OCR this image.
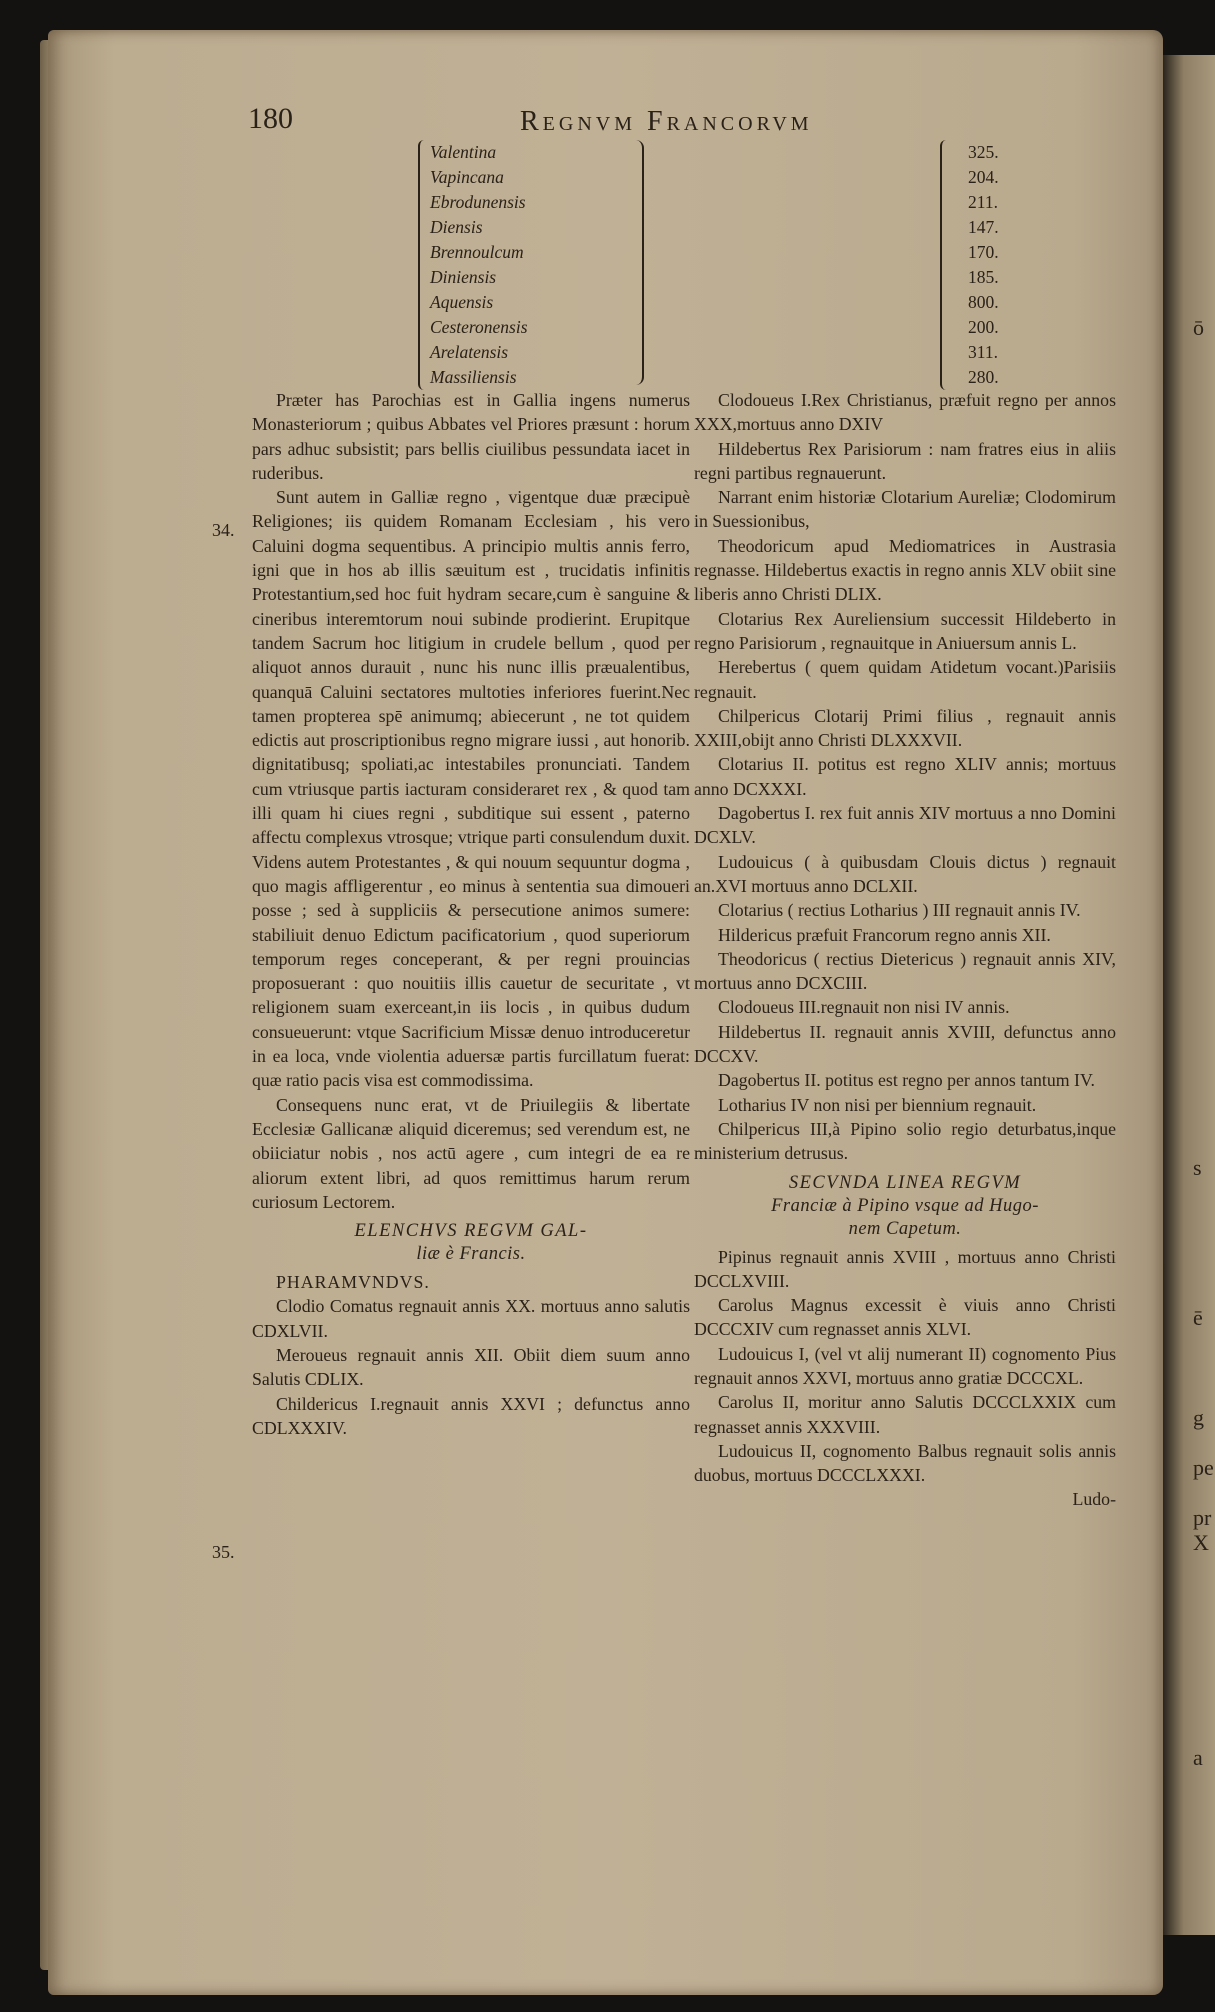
ō
s
ē
g
pe
pr
X
a
180	Regnvm Francorvm
Valentina
Vapincana
Ebrodunensis
Diensis
Brennoulcum
Diniensis
Aquensis
Cesteronensis
Arelatensis
Massiliensis
325.
204.
211.
147.
170.
185.
800.
200.
311.
280.
34.
35.

Præter has Parochias est in Gallia ingens numerus Monasteriorum ; quibus Abbates vel Priores præsunt : horum pars adhuc subsistit; pars bellis ciuilibus pessundata iacet in ruderibus.

Sunt autem in Galliæ regno , vigentque duæ præcipuè Religiones; iis quidem Romanam Ecclesiam , his vero Caluini dogma sequentibus. A principio multis annis ferro, igni que in hos ab illis sæuitum est , trucidatis infinitis Protestantium,sed hoc fuit hydram secare,cum è sanguine & cineribus interemtorum noui subinde prodierint. Erupitque tandem Sacrum hoc litigium in crudele bellum , quod per aliquot annos durauit , nunc his nunc illis præualentibus, quanquā Caluini sectatores multoties inferiores fuerint.Nec tamen propterea spē animumq; abiecerunt , ne tot quidem edictis aut proscriptionibus regno migrare iussi , aut honorib. dignitatibusq; spoliati,ac intestabiles pronunciati. Tandem cum vtriusque partis iacturam consideraret rex , & quod tam illi quam hi ciues regni , subditique sui essent , paterno affectu complexus vtrosque; vtrique parti consulendum duxit. Videns autem Protestantes , & qui nouum sequuntur dogma , quo magis affligerentur , eo minus à sententia sua dimoueri posse ; sed à suppliciis & persecutione animos sumere: stabiliuit denuo Edictum pacificatorium , quod superiorum temporum reges conceperant, & per regni prouincias proposuerant : quo nouitiis illis cauetur de securitate , vt religionem suam exerceant,in iis locis , in quibus dudum consueuerunt: vtque Sacrificium Missæ denuo introduceretur in ea loca, vnde violentia aduersæ partis furcillatum fuerat: quæ ratio pacis visa est commodissima.

Consequens nunc erat, vt de Priuilegiis & libertate Ecclesiæ Gallicanæ aliquid diceremus; sed verendum est, ne obiiciatur nobis , nos actū agere , cum integri de ea re aliorum extent libri, ad quos remittimus harum rerum curiosum Lectorem.

ELENCHVS REGVM GAL-
liæ è Francis.

PHARAMVNDVS.

Clodio Comatus regnauit annis XX. mortuus anno salutis CDXLVII.

Meroueus regnauit annis XII. Obiit diem suum anno Salutis CDLIX.

Childericus I.regnauit annis XXVI ; defunctus anno CDLXXXIV.

Clodoueus I.Rex Christianus, præfuit regno per annos XXX,mortuus anno DXIV

Hildebertus Rex Parisiorum : nam fratres eius in aliis regni partibus regnauerunt.

Narrant enim historiæ Clotarium Aureliæ; Clodomirum in Suessionibus,

Theodoricum apud Mediomatrices in Austrasia regnasse. Hildebertus exactis in regno annis XLV obiit sine liberis anno Christi DLIX.

Clotarius Rex Aureliensium successit Hildeberto in regno Parisiorum , regnauitque in Aniuersum annis L.

Herebertus ( quem quidam Atidetum vocant.)Parisiis regnauit.

Chilpericus Clotarij Primi filius , regnauit annis XXIII,obijt anno Christi DLXXXVII.

Clotarius II. potitus est regno XLIV annis; mortuus anno DCXXXI.

Dagobertus I. rex fuit annis XIV mortuus a nno Domini DCXLV.

Ludouicus ( à quibusdam Clouis dictus ) regnauit an.XVI mortuus anno DCLXII.

Clotarius ( rectius Lotharius ) III regnauit annis IV.

Hildericus præfuit Francorum regno annis XII.

Theodoricus ( rectius Dietericus ) regnauit annis XIV, mortuus anno DCXCIII.

Clodoueus III.regnauit non nisi IV annis.

Hildebertus II. regnauit annis XVIII, defunctus anno DCCXV.

Dagobertus II. potitus est regno per annos tantum IV.

Lotharius IV non nisi per biennium regnauit.

Chilpericus III,à Pipino solio regio deturbatus,inque ministerium detrusus.

SECVNDA LINEA REGVM
Franciæ à Pipino vsque ad Hugo-
nem Capetum.

Pipinus regnauit annis XVIII , mortuus anno Christi DCCLXVIII.

Carolus Magnus excessit è viuis anno Christi DCCCXIV cum regnasset annis XLVI.

Ludouicus I, (vel vt alij numerant II) cognomento Pius regnauit annos XXVI, mortuus anno gratiæ DCCCXL.

Carolus II, moritur anno Salutis DCCCLXXIX cum regnasset annis XXXVIII.

Ludouicus II, cognomento Balbus regnauit solis annis duobus, mortuus DCCCLXXXI.

Ludo-
